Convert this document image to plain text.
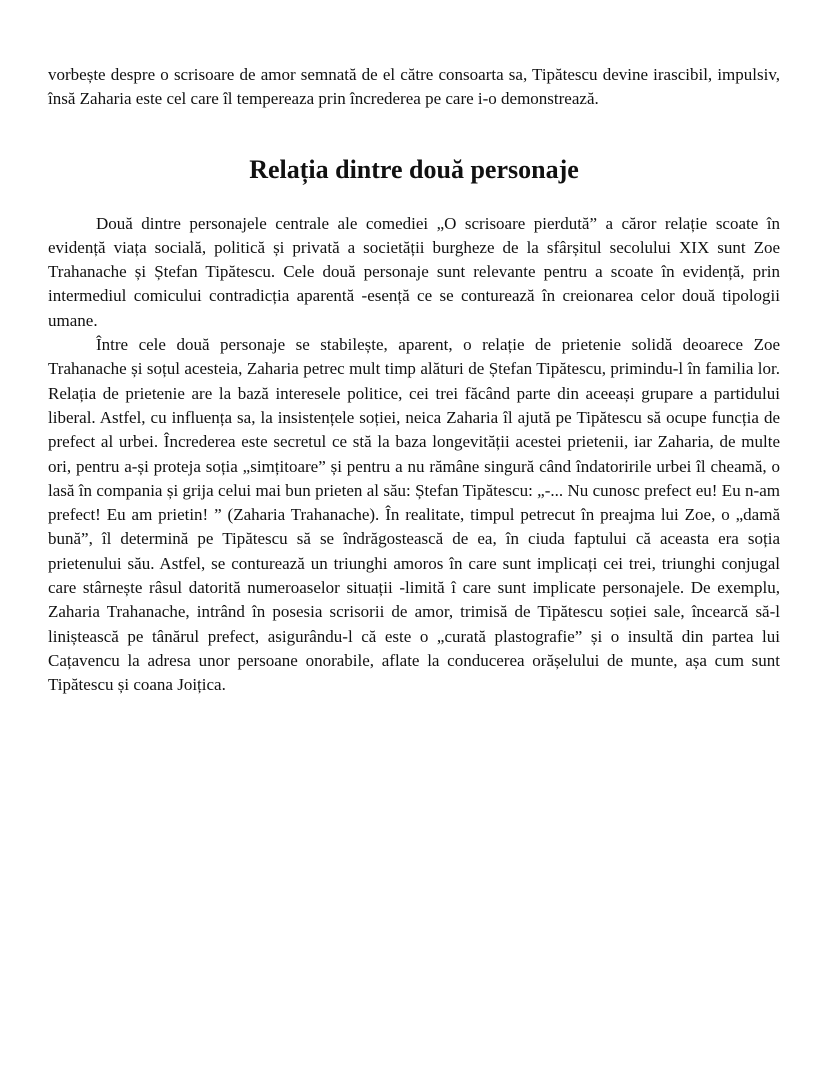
vorbește despre o scrisoare de amor semnată de el către consoarta sa, Tipătescu devine irascibil, impulsiv, însă Zaharia este cel care îl tempereaza prin încrederea pe care i-o demonstrează.

Relația dintre două personaje

Două dintre personajele centrale ale comediei „O scrisoare pierdută” a căror relație scoate în evidență viața socială, politică și privată a societății burgheze de la sfârșitul secolului XIX sunt Zoe Trahanache și Ștefan Tipătescu. Cele două personaje sunt relevante pentru a scoate în evidență, prin intermediul comicului contradicția aparentă -esență ce se conturează în creionarea celor două tipologii umane.

Între cele două personaje se stabilește, aparent, o relație de prietenie solidă deoarece Zoe Trahanache și soțul acesteia, Zaharia petrec mult timp alături de Ștefan Tipătescu, primindu-l în familia lor. Relația de prietenie are la bază interesele politice, cei trei făcând parte din aceeași grupare a partidului liberal. Astfel, cu influența sa, la insistențele soției, neica Zaharia îl ajută pe Tipătescu să ocupe funcția de prefect al urbei. Încrederea este secretul ce stă la baza longevității acestei prietenii, iar Zaharia, de multe ori, pentru a-și proteja soția „simțitoare” și pentru a nu rămâne singură când îndatoririle urbei îl cheamă, o lasă în compania și grija celui mai bun prieten al său: Ștefan Tipătescu: „-... Nu cunosc prefect eu! Eu n-am prefect! Eu am prietin! ” (Zaharia Trahanache). În realitate, timpul petrecut în preajma lui Zoe, o „damă bună”, îl determină pe Tipătescu să se îndrăgostească de ea, în ciuda faptului că aceasta era soția prietenului său. Astfel, se conturează un triunghi amoros în care sunt implicați cei trei, triunghi conjugal care stârnește râsul datorită numeroaselor situații -limită î care sunt implicate personajele. De exemplu, Zaharia Trahanache, intrând în posesia scrisorii de amor, trimisă de Tipătescu soției sale, încearcă să-l liniștească pe tânărul prefect, asigurându-l că este o „curată plastografie” și o insultă din partea lui Cațavencu la adresa unor persoane onorabile, aflate la conducerea orășelului de munte, așa cum sunt Tipătescu și coana Joițica.
